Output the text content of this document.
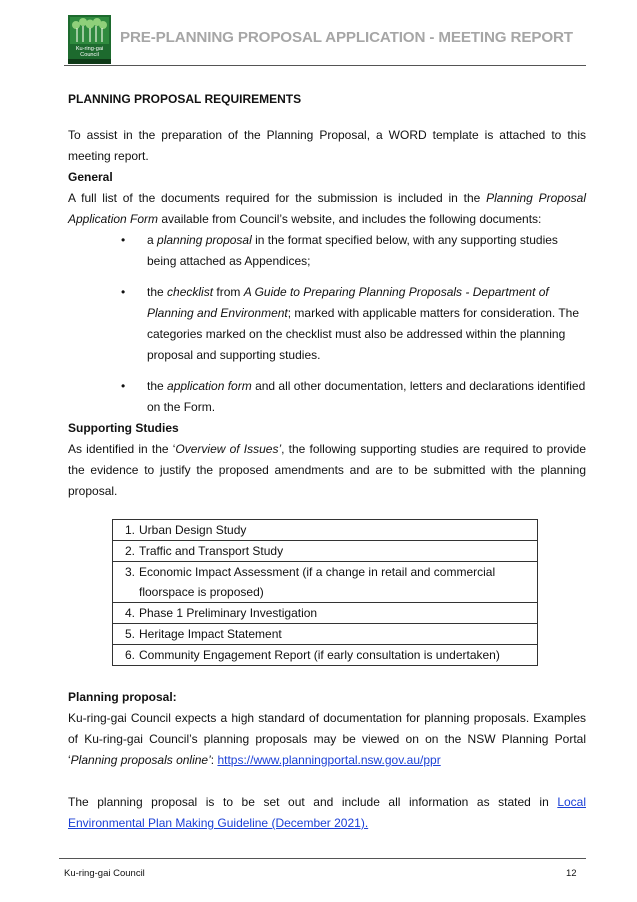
Ku-ring-gai Council
PRE-PLANNING PROPOSAL APPLICATION - MEETING REPORT

PLANNING PROPOSAL REQUIREMENTS

To assist in the preparation of the Planning Proposal, a WORD template is attached to this meeting report.

General

A full list of the documents required for the submission is included in the Planning Proposal Application Form available from Council’s website, and includes the following documents:

• a planning proposal in the format specified below, with any supporting studies being attached as Appendices;
• the checklist from A Guide to Preparing Planning Proposals - Department of Planning and Environment; marked with applicable matters for consideration. The categories marked on the checklist must also be addressed within the planning proposal and supporting studies.
• the application form and all other documentation, letters and declarations identified on the Form.

Supporting Studies

As identified in the ‘Overview of Issues’, the following supporting studies are required to provide the evidence to justify the proposed amendments and are to be submitted with the planning proposal.

1. Urban Design Study

2. Traffic and Transport Study

3. Economic Impact Assessment (if a change in retail and commercial floorspace is proposed)

4. Phase 1 Preliminary Investigation

5. Heritage Impact Statement

6. Community Engagement Report (if early consultation is undertaken)

Planning proposal:

Ku-ring-gai Council expects a high standard of documentation for planning proposals. Examples of Ku-ring-gai Council’s planning proposals may be viewed on on the NSW Planning Portal ‘Planning proposals online’: https://www.planningportal.nsw.gov.au/ppr

The planning proposal is to be set out and include all information as stated in Local Environmental Plan Making Guideline (December 2021).

Ku-ring-gai Council	12
